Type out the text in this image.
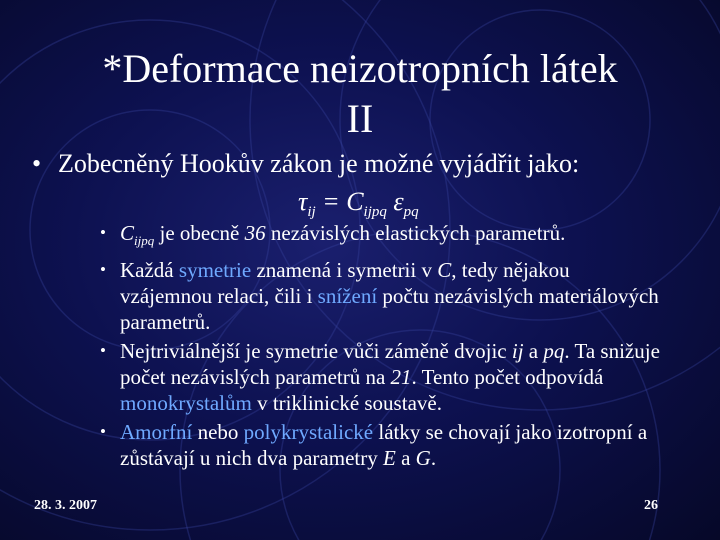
*Deformace neizotropních látek
II
• Zobecněný Hookův zákon je možné vyjádřit jako:
$\tau_{ij} = C_{ijpq}$ $\varepsilon_{pq}$
• $C_{ijpq}$ je obecně 36 nezávislých elastických parametrů.
• Každá symetrie znamená i symetrii v C, tedy nějakou vzájemnou relaci, čili i snížení počtu nezávislých materiálových parametrů.
• Nejtriviálnější je symetrie vůči záměně dvojic ij a pq. Ta snižuje počet nezávislých parametrů na 21. Tento počet odpovídá monokrystalům v triklinické soustavě.
• Amorfní nebo polykrystalické látky se chovají jako izotropní a zůstávají u nich dva parametry E a G.
28. 3. 2007	26
